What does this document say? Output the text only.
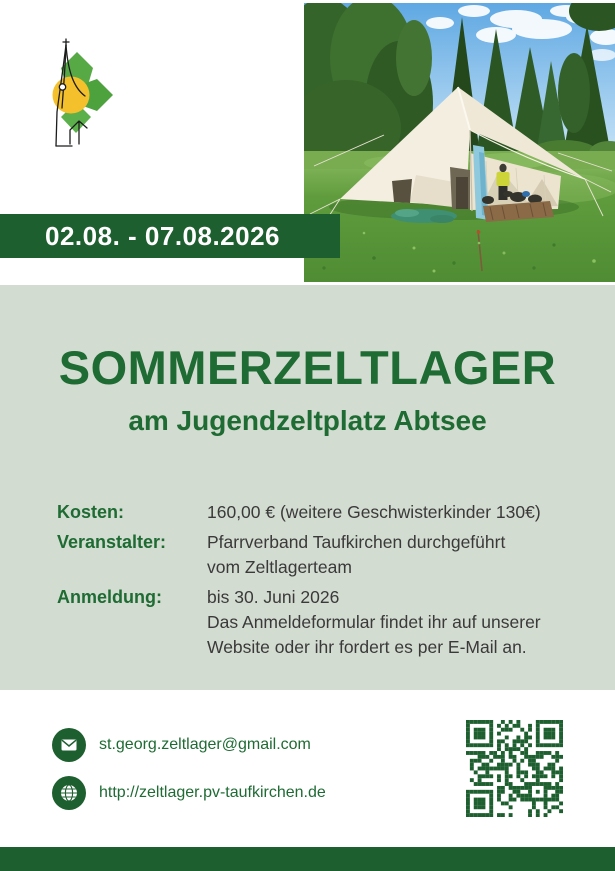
02.08. - 07.08.2026
SOMMERZELTLAGER
am Jugendzeltplatz Abtsee
Kosten:	160,00 € (weitere Geschwisterkinder 130€)
Veranstalter:	Pfarrverband Taufkirchen durchgeführt
vom Zeltlagerteam
Anmeldung:	bis 30. Juni 2026
Das Anmeldeformular findet ihr auf unserer
Website oder ihr fordert es per E-Mail an.
st.georg.zeltlager@gmail.com
http://zeltlager.pv-taufkirchen.de
